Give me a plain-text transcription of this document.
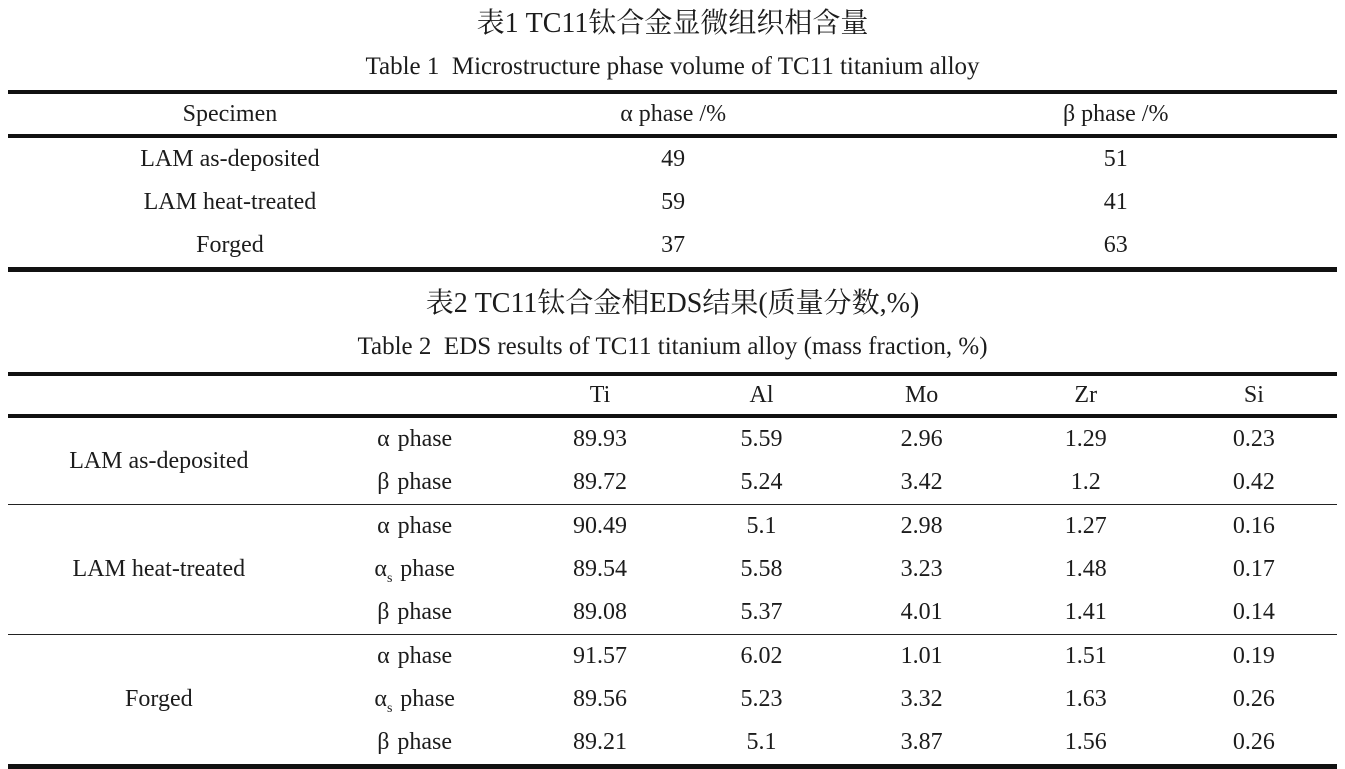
表1 TC11钛合金显微组织相含量
Table 1  Microstructure phase volume of TC11 titanium alloy
Specimen	α phase /%	β phase /%
LAM as-deposited	49	51
LAM heat-treated	59	41
Forged	37	63
表2 TC11钛合金相EDS结果(质量分数,%)
Table 2  EDS results of TC11 titanium alloy (mass fraction, %)
		Ti	Al	Mo	Zr	Si
LAM as-deposited	α phase	89.93	5.59	2.96	1.29	0.23
	β phase	89.72	5.24	3.42	1.2	0.42
LAM heat-treated	α phase	90.49	5.1	2.98	1.27	0.16
	$\alpha_s$ phase	89.54	5.58	3.23	1.48	0.17
	β phase	89.08	5.37	4.01	1.41	0.14
Forged	α phase	91.57	6.02	1.01	1.51	0.19
	$\alpha_s$ phase	89.56	5.23	3.32	1.63	0.26
	β phase	89.21	5.1	3.87	1.56	0.26
